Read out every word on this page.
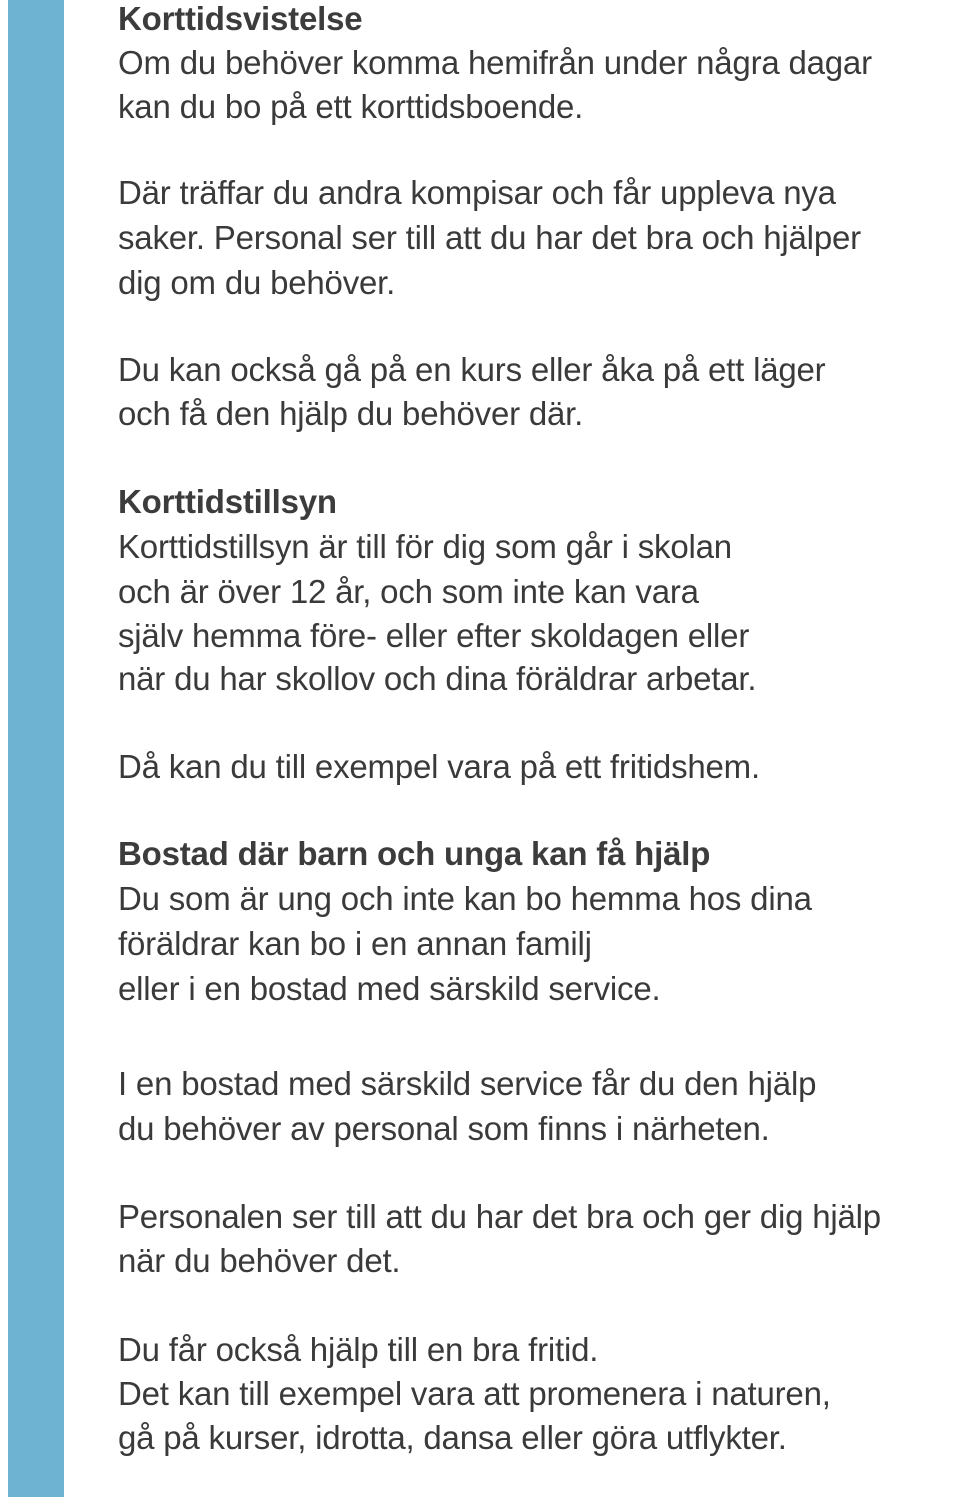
Korttidsvistelse
Om du behöver komma hemifrån under några dagar
kan du bo på ett korttidsboende.
Där träffar du andra kompisar och får uppleva nya
saker. Personal ser till att du har det bra och hjälper
dig om du behöver.
Du kan också gå på en kurs eller åka på ett läger
och få den hjälp du behöver där.
Korttidstillsyn
Korttidstillsyn är till för dig som går i skolan
och är över 12 år, och som inte kan vara
själv hemma före- eller efter skoldagen eller
när du har skollov och dina föräldrar arbetar.
Då kan du till exempel vara på ett fritidshem.
Bostad där barn och unga kan få hjälp
Du som är ung och inte kan bo hemma hos dina
föräldrar kan bo i en annan familj
eller i en bostad med särskild service.
I en bostad med särskild service får du den hjälp
du behöver av personal som finns i närheten.
Personalen ser till att du har det bra och ger dig hjälp
när du behöver det.
Du får också hjälp till en bra fritid.
Det kan till exempel vara att promenera i naturen,
gå på kurser, idrotta, dansa eller göra utflykter.
